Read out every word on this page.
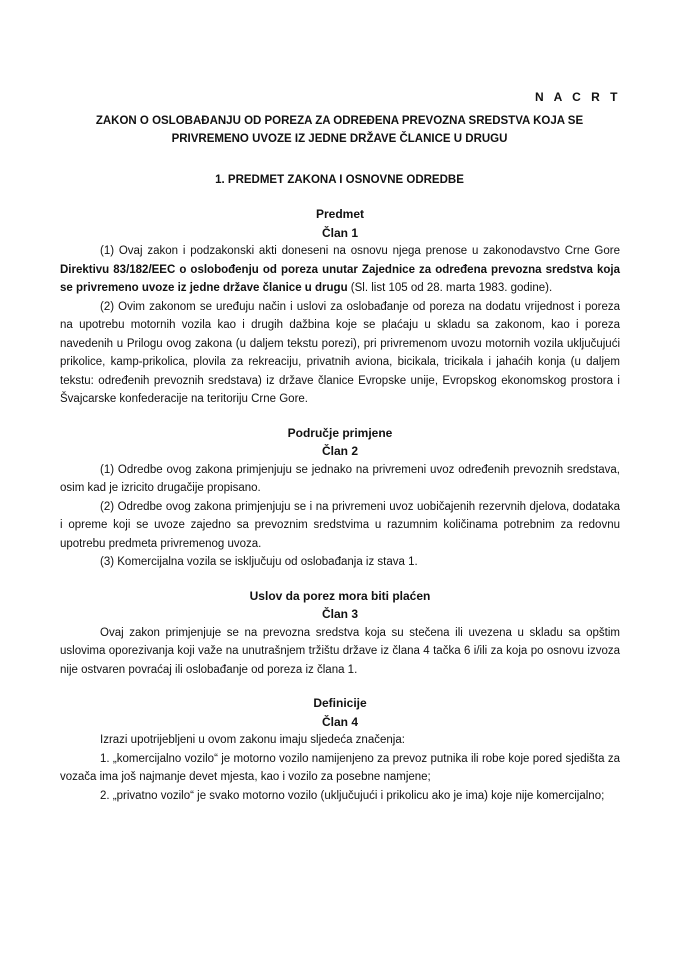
N A C R T
ZAKON O OSLOBAĐANJU OD POREZA ZA ODREĐENA PREVOZNA SREDSTVA KOJA SE
PRIVREMENO UVOZE IZ JEDNE DRŽAVE ČLANICE U DRUGU
1. PREDMET ZAKONA I OSNOVNE ODREDBE

Predmet

Član 1

(1) Ovaj zakon i podzakonski akti doneseni na osnovu njega prenose u zakonodavstvo Crne Gore Direktivu 83/182/EEC o oslobođenju od poreza unutar Zajednice za određena prevozna sredstva koja se privremeno uvoze iz jedne države članice u drugu (Sl. list 105 od 28. marta 1983. godine).

(2) Ovim zakonom se uređuju način i uslovi za oslobađanje od poreza na dodatu vrijednost i poreza na upotrebu motornih vozila kao i drugih dažbina koje se plaćaju u skladu sa zakonom, kao i poreza navedenih u Prilogu ovog zakona (u daljem tekstu porezi), pri privremenom uvozu motornih vozila uključujući prikolice, kamp-prikolica, plovila za rekreaciju, privatnih aviona, bicikala, tricikala i jahaćih konja (u daljem tekstu: određenih prevoznih sredstava) iz države članice Evropske unije, Evropskog ekonomskog prostora i Švajcarske konfederacije na teritoriju Crne Gore.

Područje primjene

Član 2

(1) Odredbe ovog zakona primjenjuju se jednako na privremeni uvoz određenih prevoznih sredstava, osim kad je izricito drugačije propisano.

(2) Odredbe ovog zakona primjenjuju se i na privremeni uvoz uobičajenih rezervnih djelova, dodataka i opreme koji se uvoze zajedno sa prevoznim sredstvima u razumnim količinama potrebnim za redovnu upotrebu predmeta privremenog uvoza.

(3) Komercijalna vozila se isključuju od oslobađanja iz stava 1.

Uslov da porez mora biti plaćen

Član 3

Ovaj zakon primjenjuje se na prevozna sredstva koja su stečena ili uvezena u skladu sa opštim uslovima oporezivanja koji važe na unutrašnjem tržištu države iz člana 4 tačka 6 i/ili za koja po osnovu izvoza nije ostvaren povraćaj ili oslobađanje od poreza iz člana 1.

Definicije

Član 4

Izrazi upotrijebljeni u ovom zakonu imaju sljedeća značenja:

1. „komercijalno vozilo“ je motorno vozilo namijenjeno za prevoz putnika ili robe koje pored sjedišta za vozača ima još najmanje devet mjesta, kao i vozilo za posebne namjene;

2. „privatno vozilo“ je svako motorno vozilo (uključujući i prikolicu ako je ima) koje nije komercijalno;
